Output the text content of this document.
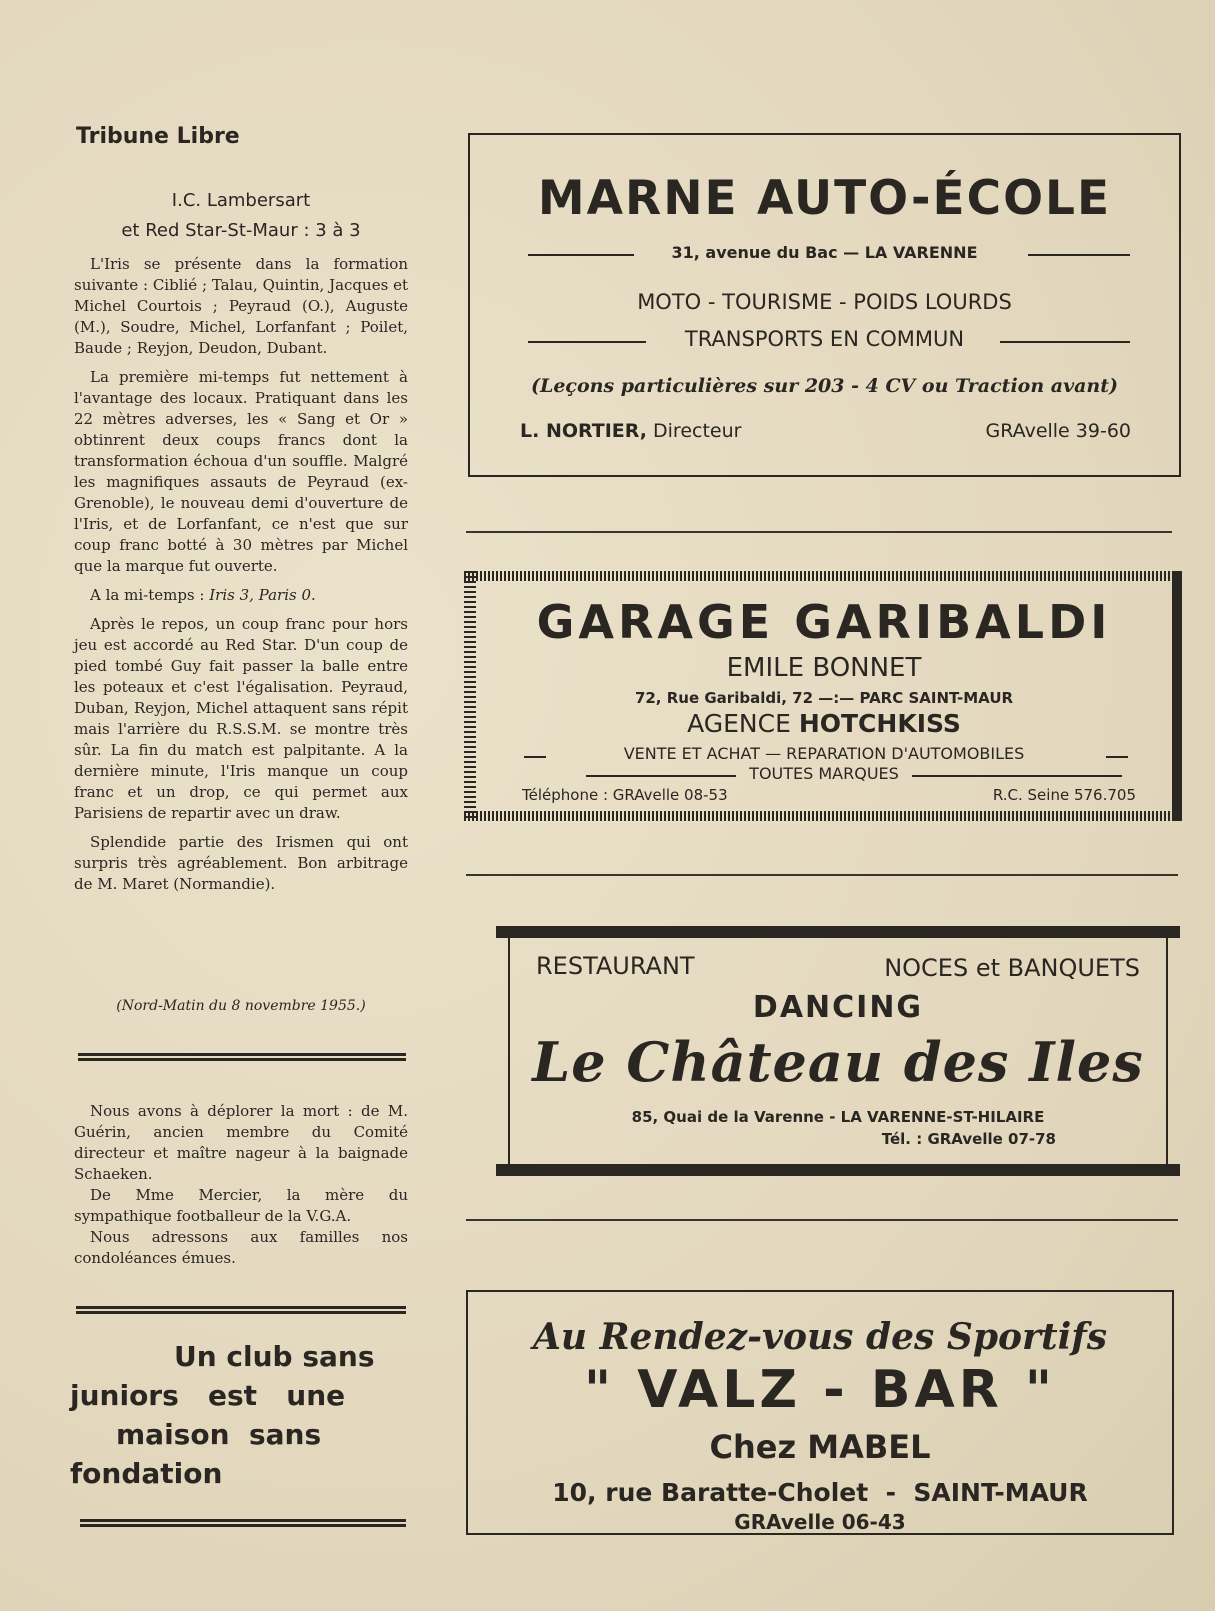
Tribune Libre
I.C. Lambersart
et Red Star-St-Maur : 3 à 3

L'Iris se présente dans la formation suivante : Ciblié ; Talau, Quintin, Jacques et Michel Courtois ; Peyraud (O.), Auguste (M.), Soudre, Michel, Lorfanfant ; Poilet, Baude ; Reyjon, Deudon, Dubant.

La première mi-temps fut nettement à l'avantage des locaux. Pratiquant dans les 22 mètres adverses, les « Sang et Or » obtinrent deux coups francs dont la transformation échoua d'un souffle. Malgré les magnifiques assauts de Peyraud (ex-Grenoble), le nouveau demi d'ouverture de l'Iris, et de Lorfanfant, ce n'est que sur coup franc botté à 30 mètres par Michel que la marque fut ouverte.

A la mi-temps : Iris 3, Paris 0.

Après le repos, un coup franc pour hors jeu est accordé au Red Star. D'un coup de pied tombé Guy fait passer la balle entre les poteaux et c'est l'égalisation. Peyraud, Duban, Reyjon, Michel attaquent sans répit mais l'arrière du R.S.S.M. se montre très sûr. La fin du match est palpitante. A la dernière minute, l'Iris manque un coup franc et un drop, ce qui permet aux Parisiens de repartir avec un draw.

Splendide partie des Irismen qui ont surpris très agréablement. Bon arbitrage de M. Maret (Normandie).

(Nord-Matin du 8 novembre 1955.)

Nous avons à déplorer la mort : de M. Guérin, ancien membre du Comité directeur et maître nageur à la baignade Schaeken.

De Mme Mercier, la mère du sympathique footballeur de la V.G.A.

Nous adressons aux familles nos condoléances émues.

Un club sans
juniors   est   une
maison  sans
fondation
MARNE AUTO-ÉCOLE
31, avenue du Bac — LA VARENNE
MOTO - TOURISME - POIDS LOURDS
TRANSPORTS EN COMMUN
(Leçons particulières sur 203 - 4 CV ou Traction avant)
L. NORTIER, Directeur	GRAvelle 39-60
GARAGE GARIBALDI
EMILE BONNET
72, Rue Garibaldi, 72 —:— PARC SAINT-MAUR
AGENCE HOTCHKISS
VENTE ET ACHAT — REPARATION D'AUTOMOBILES
TOUTES MARQUES
Téléphone : GRAvelle 08-53	R.C. Seine 576.705
RESTAURANT	NOCES et BANQUETS
DANCING
Le Château des Iles
85, Quai de la Varenne - LA VARENNE-ST-HILAIRE
Tél. : GRAvelle 07-78
Au Rendez-vous des Sportifs
" VALZ - BAR "
Chez MABEL
10, rue Baratte-Cholet  -  SAINT-MAUR
GRAvelle 06-43
